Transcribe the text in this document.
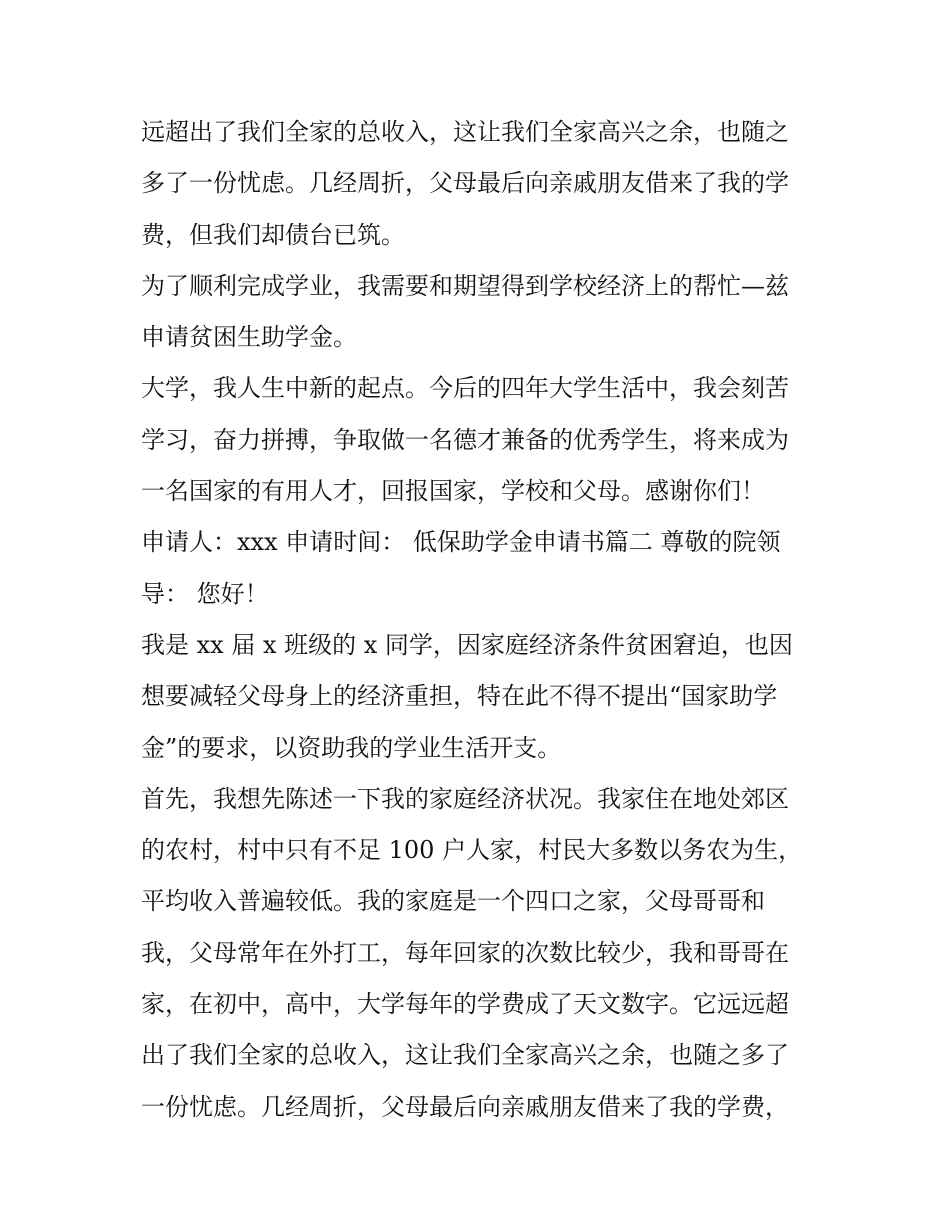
远超出了我们全家的总收入，这让我们全家高兴之余，也随之
多了一份忧虑。几经周折，父母最后向亲戚朋友借来了我的学
费，但我们却债台已筑。
为了顺利完成学业，我需要和期望得到学校经济上的帮忙—兹
申请贫困生助学金。
大学，我人生中新的起点。今后的四年大学生活中，我会刻苦
学习，奋力拼搏，争取做一名德才兼备的优秀学生，将来成为
一名国家的有用人才，回报国家，学校和父母。感谢你们！
申请人：xxx 申请时间： 低保助学金申请书篇二 尊敬的院领
导： 您好！
我是 xx 届 x 班级的 x 同学，因家庭经济条件贫困窘迫，也因
想要减轻父母身上的经济重担，特在此不得不提出“国家助学
金”的要求，以资助我的学业生活开支。
首先，我想先陈述一下我的家庭经济状况。我家住在地处郊区
的农村，村中只有不足 100 户人家，村民大多数以务农为生，
平均收入普遍较低。我的家庭是一个四口之家，父母哥哥和
我，父母常年在外打工，每年回家的次数比较少，我和哥哥在
家，在初中，高中，大学每年的学费成了天文数字。它远远超
出了我们全家的总收入，这让我们全家高兴之余，也随之多了
一份忧虑。几经周折，父母最后向亲戚朋友借来了我的学费，
